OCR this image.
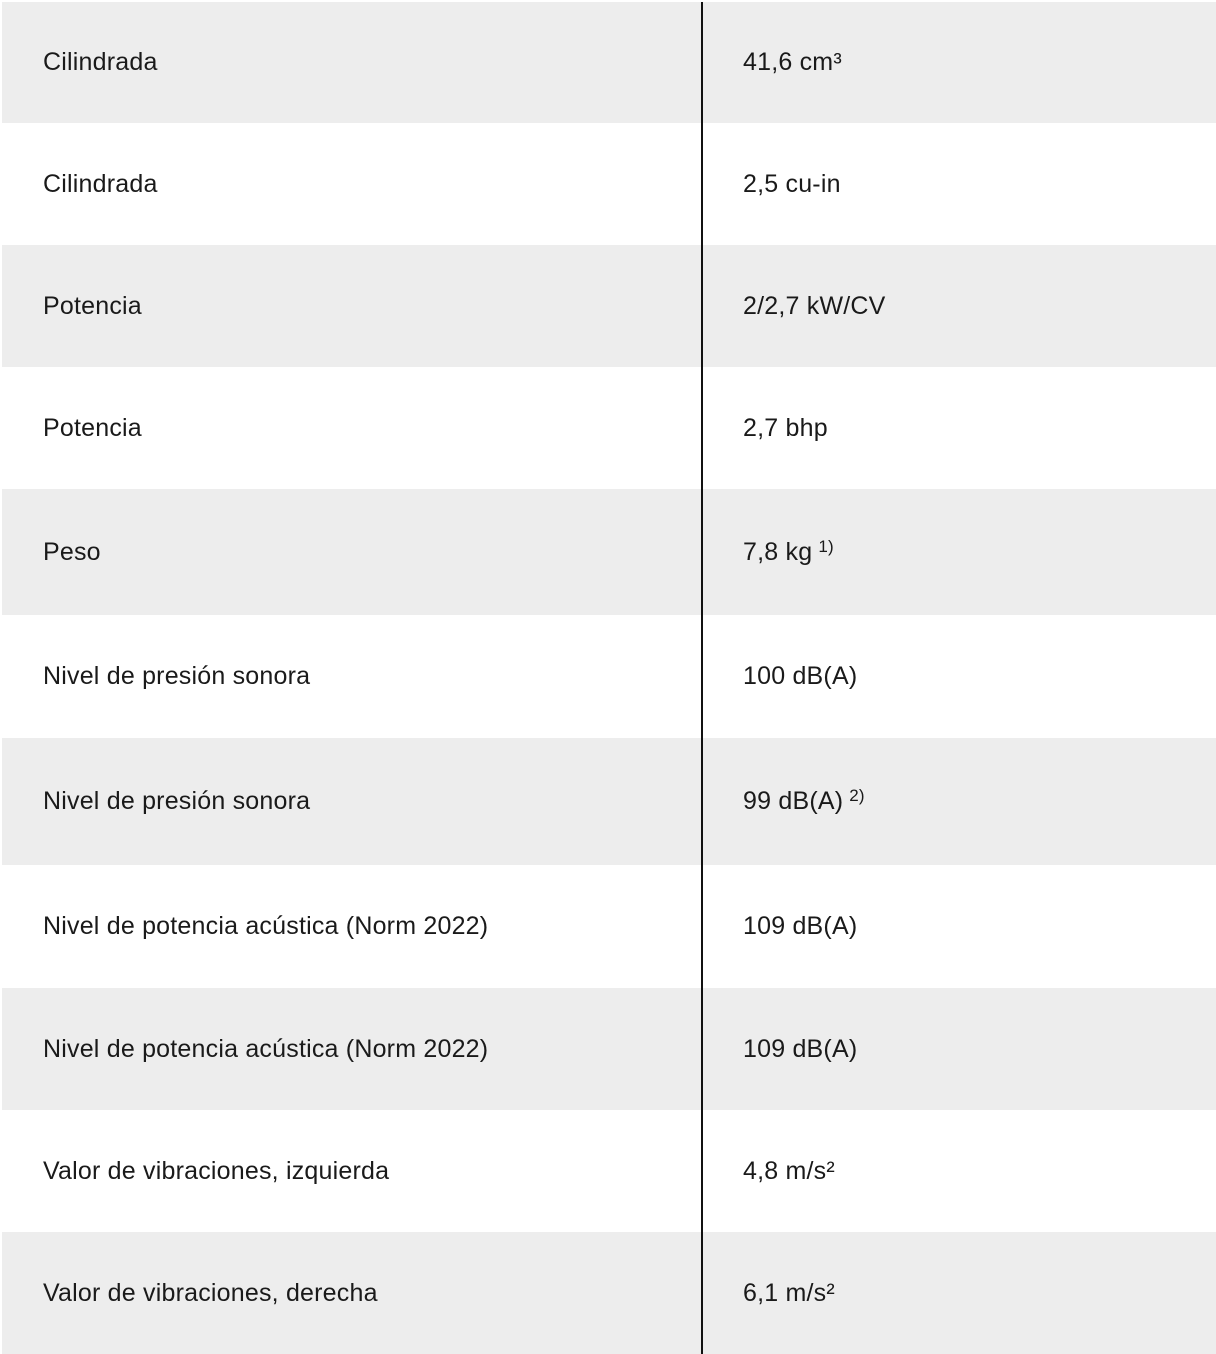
Cilindrada	41,6 cm³
Cilindrada	2,5 cu-in
Potencia	2/2,7 kW/CV
Potencia	2,7 bhp
Peso	7,8 kg $^{1)}$
Nivel de presión sonora	100 dB(A)
Nivel de presión sonora	99 dB(A) $^{2)}$
Nivel de potencia acústica (Norm 2022)	109 dB(A)
Nivel de potencia acústica (Norm 2022)	109 dB(A)
Valor de vibraciones, izquierda	4,8 m/s²
Valor de vibraciones, derecha	6,1 m/s²
